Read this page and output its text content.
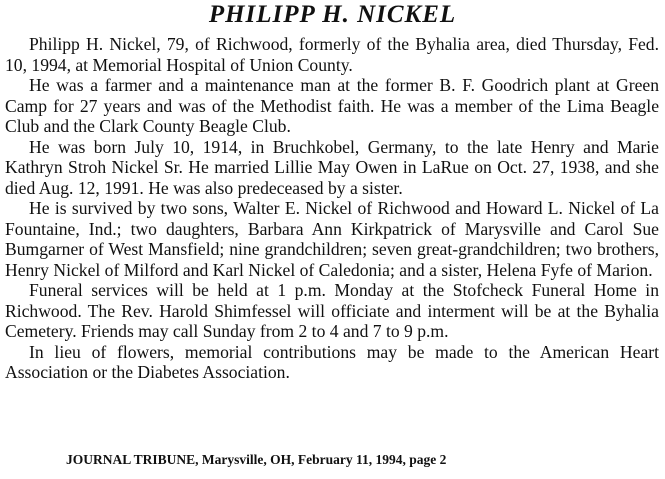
PHILIPP H. NICKEL

Philipp H. Nickel, 79, of Richwood, formerly of the Byhalia area, died Thursday, Fed. 10, 1994, at Memorial Hospital of Union County.

He was a farmer and a maintenance man at the former B. F. Goodrich plant at Green Camp for 27 years and was of the Methodist faith. He was a member of the Lima Beagle Club and the Clark County Beagle Club.

He was born July 10, 1914, in Bruchkobel, Germany, to the late Henry and Marie Kathryn Stroh Nickel Sr. He married Lillie May Owen in LaRue on Oct. 27, 1938, and she died Aug. 12, 1991. He was also predeceased by a sister.

He is survived by two sons, Walter E. Nickel of Richwood and Howard L. Nickel of La Fountaine, Ind.; two daughters, Barbara Ann Kirkpatrick of Marysville and Carol Sue Bumgarner of West Mansfield; nine grandchildren; seven great-grandchildren; two brothers, Henry Nickel of Milford and Karl Nickel of Caledonia; and a sister, Helena Fyfe of Marion.

Funeral services will be held at 1 p.m. Monday at the Stofcheck Funeral Home in Richwood. The Rev. Harold Shimfessel will officiate and interment will be at the Byhalia Cemetery. Friends may call Sunday from 2 to 4 and 7 to 9 p.m.

In lieu of flowers, memorial contributions may be made to the American Heart Association or the Diabetes Association.

JOURNAL TRIBUNE, Marysville, OH, February 11, 1994, page 2
